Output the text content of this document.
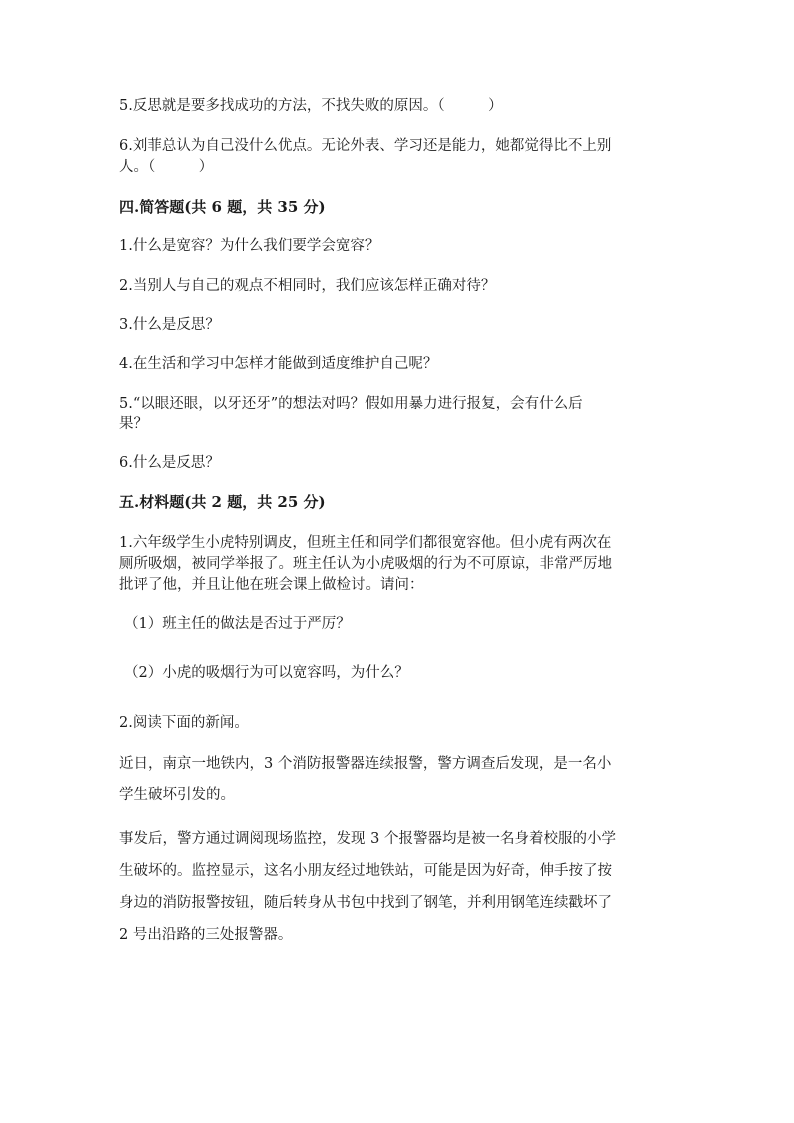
5.反思就是要多找成功的方法，不找失败的原因。（　　　）
6.刘菲总认为自己没什么优点。无论外表、学习还是能力，她都觉得比不上别
人。（　　　）
四.简答题(共 6 题，共 35 分)
1.什么是宽容？为什么我们要学会宽容？
2.当别人与自己的观点不相同时，我们应该怎样正确对待？
3.什么是反思？
4.在生活和学习中怎样才能做到适度维护自己呢？
5.“以眼还眼，以牙还牙”的想法对吗？假如用暴力进行报复，会有什么后
果？
6.什么是反思？
五.材料题(共 2 题，共 25 分)
1.六年级学生小虎特别调皮，但班主任和同学们都很宽容他。但小虎有两次在
厕所吸烟，被同学举报了。班主任认为小虎吸烟的行为不可原谅，非常严厉地
批评了他，并且让他在班会课上做检讨。请问：
（1）班主任的做法是否过于严厉？
（2）小虎的吸烟行为可以宽容吗，为什么？
2.阅读下面的新闻。
近日，南京一地铁内，3 个消防报警器连续报警，警方调查后发现，是一名小
学生破坏引发的。
事发后，警方通过调阅现场监控，发现 3 个报警器均是被一名身着校服的小学
生破坏的。监控显示，这名小朋友经过地铁站，可能是因为好奇，伸手按了按
身边的消防报警按钮，随后转身从书包中找到了钢笔，并利用钢笔连续戳坏了
2 号出沿路的三处报警器。
